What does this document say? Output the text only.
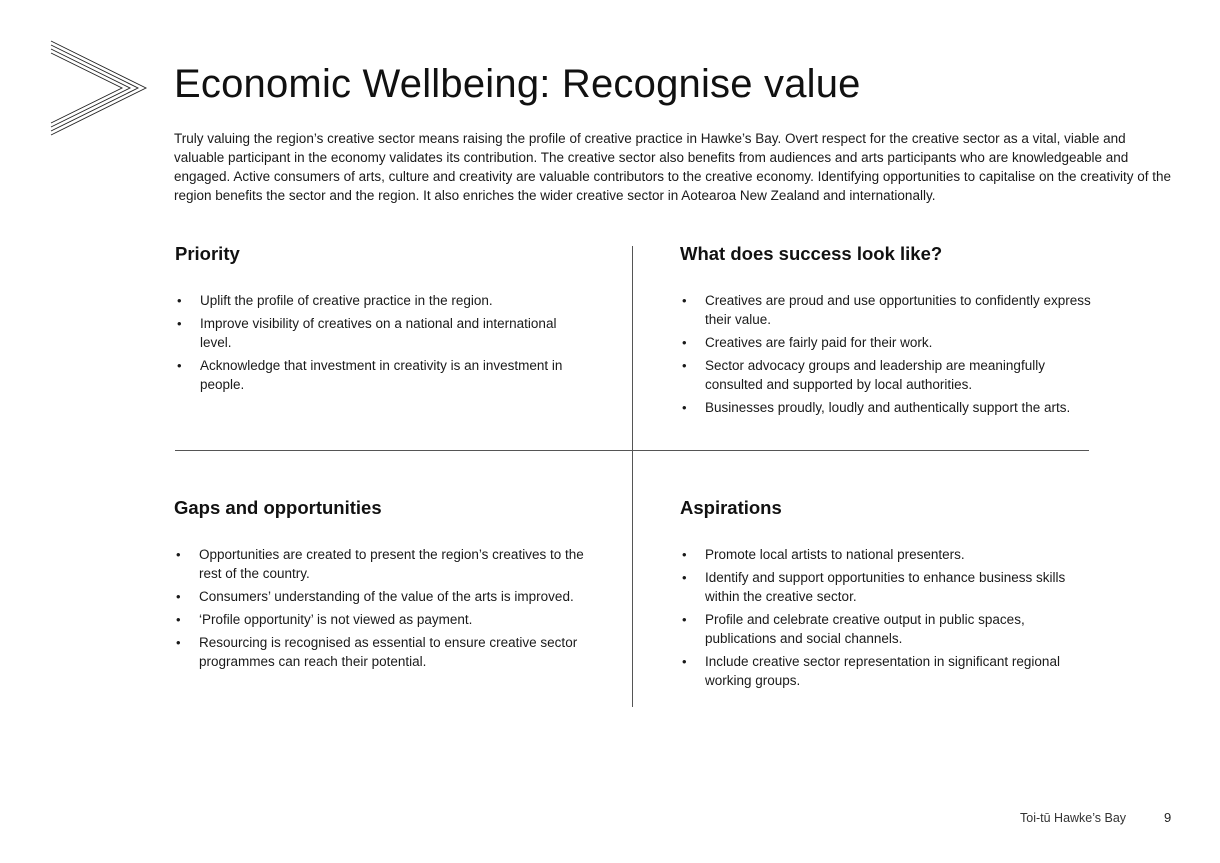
Economic Wellbeing: Recognise value

Truly valuing the region’s creative sector means raising the profile of creative practice in Hawke’s Bay. Overt respect for the creative sector as a vital, viable and valuable participant in the economy validates its contribution. The creative sector also benefits from audiences and arts participants who are knowledgeable and engaged. Active consumers of arts, culture and creativity are valuable contributors to the creative economy. Identifying opportunities to capitalise on the creativity of the region benefits the sector and the region. It also enriches the wider creative sector in Aotearoa New Zealand and internationally.

Priority
• Uplift the profile of creative practice in the region.
• Improve visibility of creatives on a national and international level.
• Acknowledge that investment in creativity is an investment in people.
What does success look like?
• Creatives are proud and use opportunities to confidently express their value.
• Creatives are fairly paid for their work.
• Sector advocacy groups and leadership are meaningfully consulted and supported by local authorities.
• Businesses proudly, loudly and authentically support the arts.
Gaps and opportunities
• Opportunities are created to present the region’s creatives to the rest of the country.
• Consumers’ understanding of the value of the arts is improved.
• ‘Profile opportunity’ is not viewed as payment.
• Resourcing is recognised as essential to ensure creative sector programmes can reach their potential.
Aspirations
• Promote local artists to national presenters.
• Identify and support opportunities to enhance business skills within the creative sector.
• Profile and celebrate creative output in public spaces, publications and social channels.
• Include creative sector representation in significant regional working groups.
Toi-tū Hawke’s Bay	9
